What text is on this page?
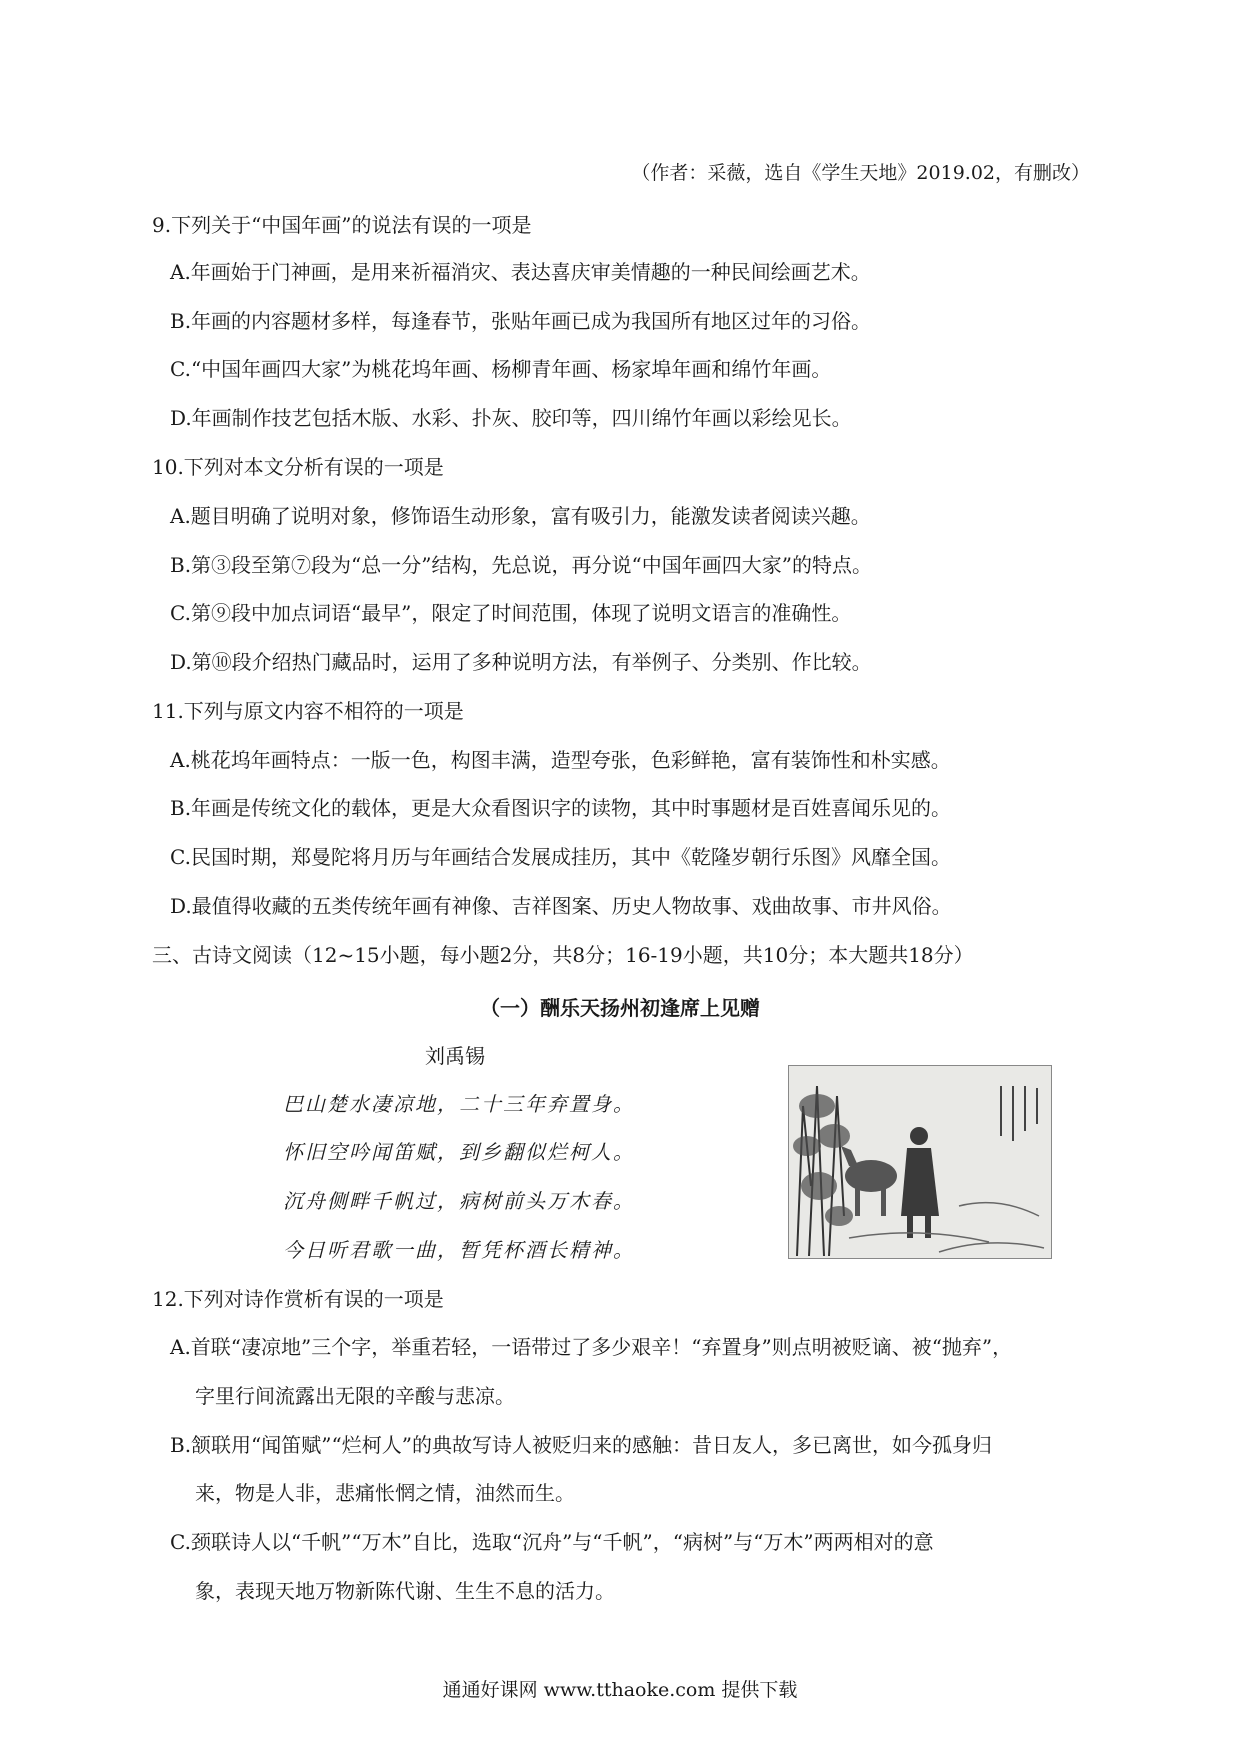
（作者：采薇，选自《学生天地》2019.02，有删改）
9.下列关于“中国年画”的说法有误的一项是
A.年画始于门神画，是用来祈福消灾、表达喜庆审美情趣的一种民间绘画艺术。
B.年画的内容题材多样，每逢春节，张贴年画已成为我国所有地区过年的习俗。
C.“中国年画四大家”为桃花坞年画、杨柳青年画、杨家埠年画和绵竹年画。
D.年画制作技艺包括木版、水彩、扑灰、胶印等，四川绵竹年画以彩绘见长。
10.下列对本文分析有误的一项是
A.题目明确了说明对象，修饰语生动形象，富有吸引力，能激发读者阅读兴趣。
B.第③段至第⑦段为“总一分”结构，先总说，再分说“中国年画四大家”的特点。
C.第⑨段中加点词语“最早”，限定了时间范围，体现了说明文语言的准确性。
D.第⑩段介绍热门藏品时，运用了多种说明方法，有举例子、分类别、作比较。
11.下列与原文内容不相符的一项是
A.桃花坞年画特点：一版一色，构图丰满，造型夸张，色彩鲜艳，富有装饰性和朴实感。
B.年画是传统文化的载体，更是大众看图识字的读物，其中时事题材是百姓喜闻乐见的。
C.民国时期，郑曼陀将月历与年画结合发展成挂历，其中《乾隆岁朝行乐图》风靡全国。
D.最值得收藏的五类传统年画有神像、吉祥图案、历史人物故事、戏曲故事、市井风俗。
三、古诗文阅读（12~15小题，每小题2分，共8分；16-19小题，共10分；本大题共18分）
（一）酬乐天扬州初逢席上见赠
刘禹锡
巴山楚水凄凉地，二十三年弃置身。
怀旧空吟闻笛赋，到乡翻似烂柯人。
沉舟侧畔千帆过，病树前头万木春。
今日听君歌一曲，暂凭杯酒长精神。
12.下列对诗作赏析有误的一项是
A.首联“凄凉地”三个字，举重若轻，一语带过了多少艰辛！“弃置身”则点明被贬谪、被“抛弃”，
字里行间流露出无限的辛酸与悲凉。
B.颔联用“闻笛赋”“烂柯人”的典故写诗人被贬归来的感触：昔日友人，多已离世，如今孤身归
来，物是人非，悲痛怅惘之情，油然而生。
C.颈联诗人以“千帆”“万木”自比，选取“沉舟”与“千帆”，“病树”与“万木”两两相对的意
象，表现天地万物新陈代谢、生生不息的活力。
通通好课网 www.tthaoke.com 提供下载
